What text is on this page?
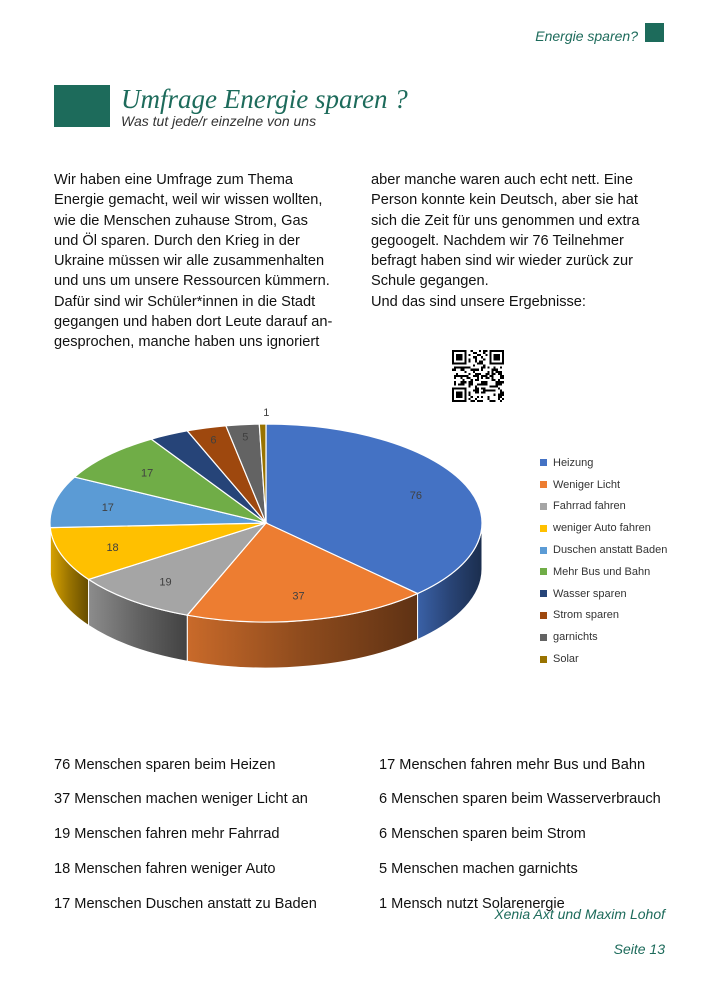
Energie sparen?
Umfrage Energie sparen ?
Was tut jede/r einzelne von uns

Wir haben eine Umfrage zum Thema

Energie gemacht, weil wir wissen wollten,

wie die Menschen zuhause Strom, Gas

und Öl sparen. Durch den Krieg in der

Ukraine müssen wir alle zusammenhalten

und uns um unsere Ressourcen kümmern.

Dafür sind wir Schüler*innen in die Stadt

gegangen und haben dort Leute darauf an-

gesprochen, manche haben uns ignoriert

aber manche waren auch echt nett. Eine

Person konnte kein Deutsch, aber sie hat

sich die Zeit für uns genommen und extra

gegoogelt. Nachdem wir 76 Teilnehmer

befragt haben sind wir wieder zurück zur

Schule gegangen.

Und das sind unsere Ergebnisse:

76
37
19
18
17
17
6 5
1
Heizung
Weniger Licht
Fahrrad fahren
weniger Auto fahren
Duschen anstatt Baden
Mehr Bus und Bahn
Wasser sparen
Strom sparen
garnichts
Solar

76 Menschen sparen beim Heizen

37 Menschen machen weniger Licht an

19 Menschen fahren mehr Fahrrad

18 Menschen fahren weniger Auto

17 Menschen Duschen anstatt zu Baden

17 Menschen fahren mehr Bus und Bahn

6 Menschen sparen beim Wasserverbrauch

6 Menschen sparen beim Strom

5 Menschen machen garnichts

1 Mensch nutzt Solarenergie

Xenia Axt und Maxim Lohof
Seite 13
